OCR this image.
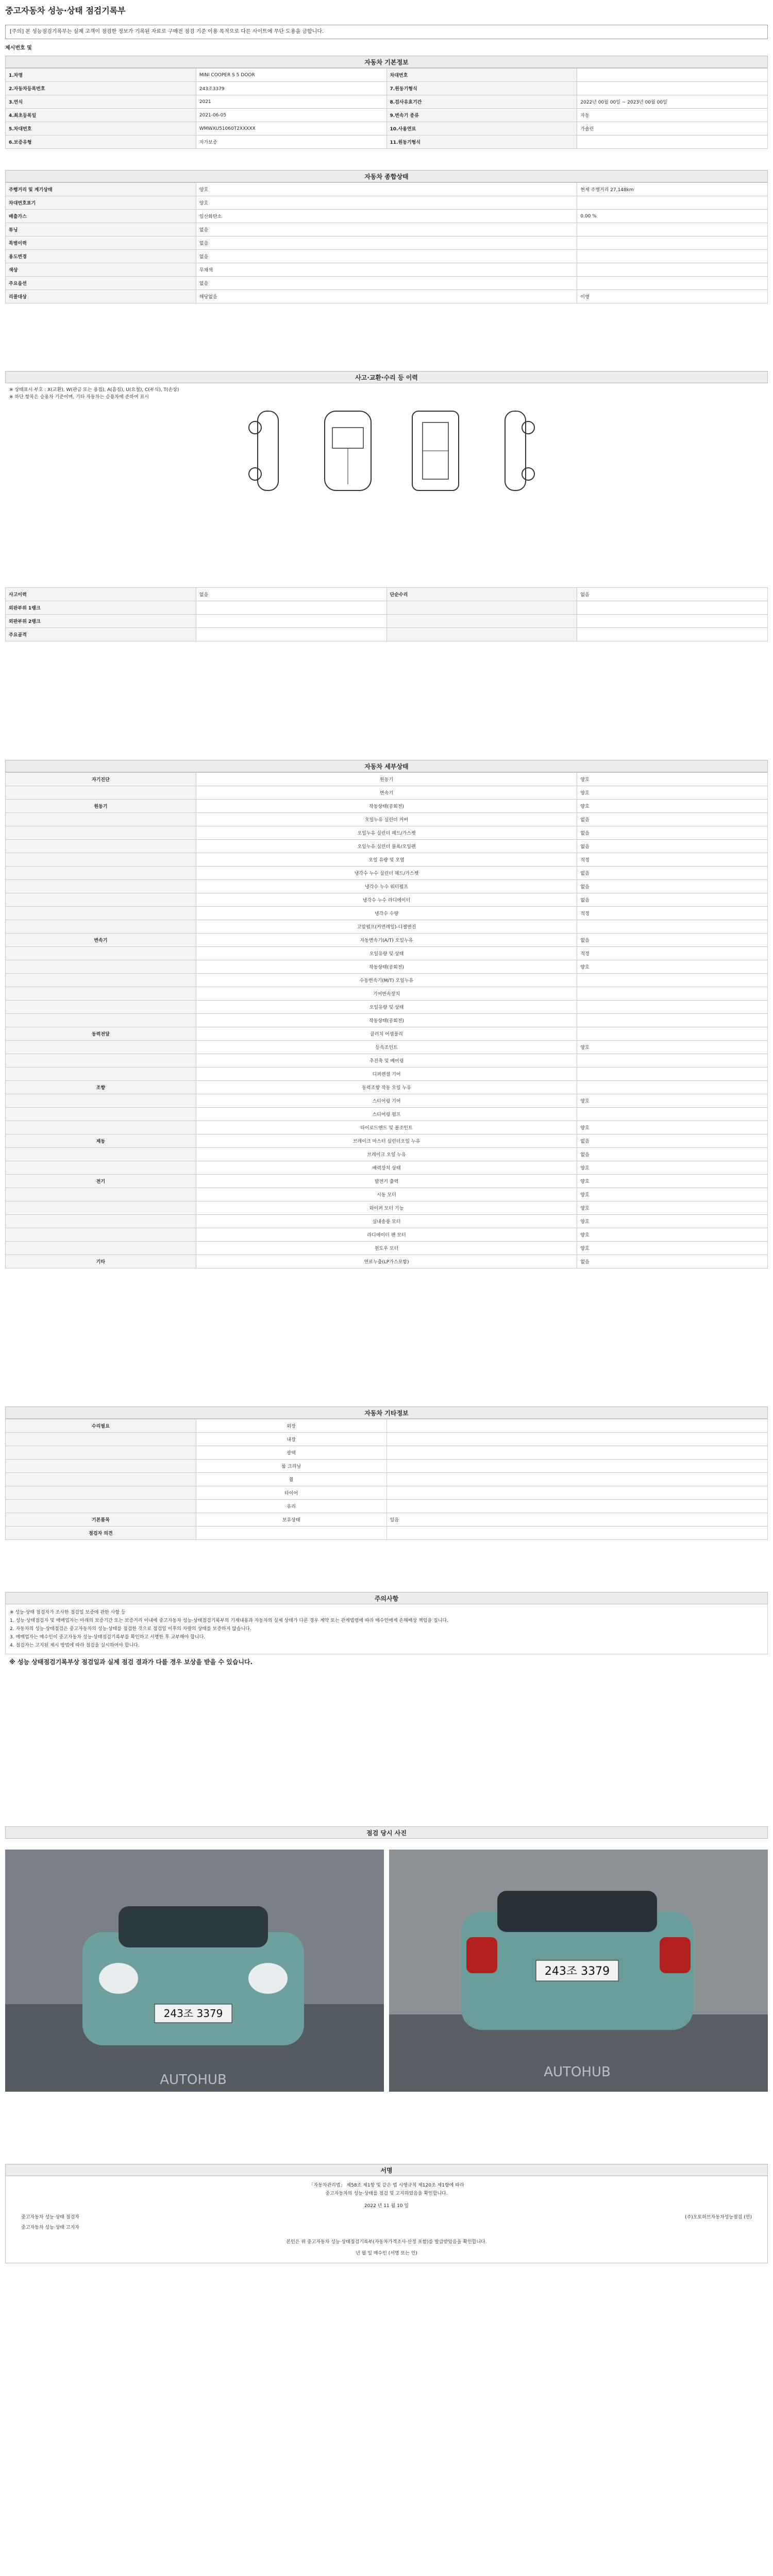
중고자동차 성능·상태 점검기록부
[주의] 본 성능점검기록부는 실제 고객이 점검한 정보가 기록된 자료로 구매전 점검 기준 이용 목적으로 다른 사이트에 무단 도용을 금합니다.
제시번호 및
자동차 기본정보
1.차명	MINI COOPER S 5 DOOR	차대번호	
2.자동차등록번호	243조3379	7.원동기형식	
3.연식	2021	8.검사유효기간	2022년 00월 00일 ~ 2023년 00월 00일
4.최초등록일	2021-06-05	9.변속기 종류	자동
5.차대번호	WMWXU51060T2XXXXX	10.사용연료	가솔린
6.보증유형	자가보증	11.원동기형식	
자동차 종합상태
주행거리 및 계기상태	양호	현재 주행거리 27,148km
차대번호표기	양호	
배출가스	일산화탄소	0.00 %
튜닝	없음	
특별이력	없음	
용도변경	없음	
색상	무채색	
주요옵션	없음	
리콜대상	해당없음	이행
사고·교환·수리 등 이력
※ 상태표시 부호 : X(교환), W(판금 또는 용접), A(흠집), U(요철), C(부식), T(손상)
※ 하단 항목은 승용차 기준이며, 기타 자동차는 승용차에 준하여 표시
사고이력	없음	단순수리	없음
외판부위 1랭크			
외판부위 2랭크			
주요골격			
자동차 세부상태
자기진단	원동기	양호
	변속기	양호
원동기	작동상태(공회전)	양호
	오일누유 실린더 커버	없음
	오일누유 실린더 헤드/가스켓	없음
	오일누유 실린더 블록/오일팬	없음
	오일 유량 및 오염	적정
	냉각수 누수 실린더 헤드/가스켓	없음
	냉각수 누수 워터펌프	없음
	냉각수 누수 라디에이터	없음
	냉각수 수량	적정
	고압펌프(커먼레일)-디젤엔진	
변속기	자동변속기(A/T) 오일누유	없음
	오일유량 및 상태	적정
	작동상태(공회전)	양호
	수동변속기(M/T) 오일누유	
	기어변속장치	
	오일유량 및 상태	
	작동상태(공회전)	
동력전달	클러치 어셈블리	
	등속조인트	양호
	추진축 및 베어링	
	디퍼렌셜 기어	
조향	동력조향 작동 오일 누유	
	스티어링 기어	양호
	스티어링 펌프	
	타이로드엔드 및 볼조인트	양호
제동	브레이크 마스터 실린더오일 누유	없음
	브레이크 오일 누유	없음
	배력장치 상태	양호
전기	발전기 출력	양호
	시동 모터	양호
	와이퍼 모터 기능	양호
	실내송풍 모터	양호
	라디에이터 팬 모터	양호
	윈도우 모터	양호
기타	연료누출(LP가스포함)	없음
자동차 기타정보
수리필요	외장	
	내장	
	광택	
	룸 크리닝	
	휠	
	타이어	
	유리	
기본품목	보유상태	있음
점검자 의견		
주의사항
※ 성능·상태 점검자가 조사한 점검일 보증에 관한 사항 등
1. 성능·상태점검자 및 매매업자는 아래의 보증기간 또는 보증거리 이내에 중고자동차 성능·상태점검기록부의 기재내용과 자동차의 실제 상태가 다른 경우 계약 또는 관계법령에 따라 매수인에게 손해배상 책임을 집니다.
2. 자동차의 성능·상태점검은 중고자동차의 성능·상태를 점검한 것으로 점검일 이후의 차량의 상태를 보증하지 않습니다.
3. 매매업자는 매수인이 중고자동차 성능·상태점검기록부를 확인하고 서명한 후 교부해야 합니다.
4. 점검자는 고지된 제시 방법에 따라 점검을 실시하여야 합니다.
※ 성능 상태점검기록부상 점검일과 실제 점검 결과가 다를 경우 보상을 받을 수 있습니다.
점검 당시 사진
243조 3379
AUTOHUB
243조 3379
AUTOHUB
서명
「자동차관리법」 제58조 제1항 및 같은 법 시행규칙 제120조 제1항에 따라
중고자동차의 성능·상태를 점검 및 고지하였음을 확인합니다.
2022 년 11 월 10 일
중고자동차 성능·상태 점검자	(주)오토허브자동차성능점검 (인)
중고자동차 성능·상태 고지자
본인은 위 중고자동차 성능·상태점검기록부(자동차가격조사·산정 포함)를 발급받았음을 확인합니다.
년 월 일 매수인 (서명 또는 인)
